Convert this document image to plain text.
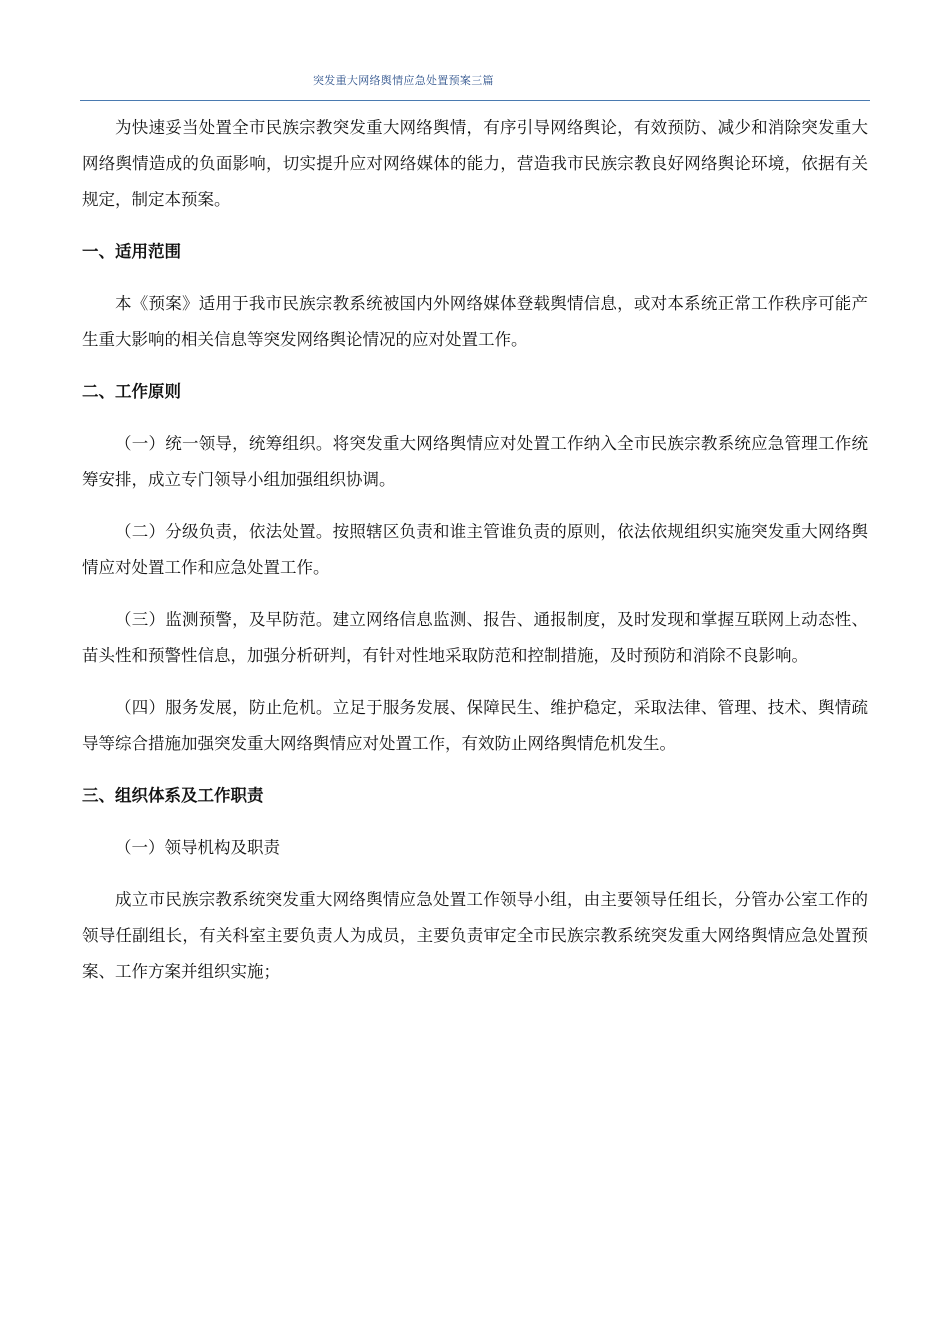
突发重大网络舆情应急处置预案三篇

为快速妥当处置全市民族宗教突发重大网络舆情，有序引导网络舆论，有效预防、减少和消除突发重大网络舆情造成的负面影响，切实提升应对网络媒体的能力，营造我市民族宗教良好网络舆论环境，依据有关规定，制定本预案。

一、适用范围

本《预案》适用于我市民族宗教系统被国内外网络媒体登载舆情信息，或对本系统正常工作秩序可能产生重大影响的相关信息等突发网络舆论情况的应对处置工作。

二、工作原则

（一）统一领导，统筹组织。将突发重大网络舆情应对处置工作纳入全市民族宗教系统应急管理工作统筹安排，成立专门领导小组加强组织协调。

（二）分级负责，依法处置。按照辖区负责和谁主管谁负责的原则，依法依规组织实施突发重大网络舆情应对处置工作和应急处置工作。

（三）监测预警，及早防范。建立网络信息监测、报告、通报制度，及时发现和掌握互联网上动态性、苗头性和预警性信息，加强分析研判，有针对性地采取防范和控制措施，及时预防和消除不良影响。

（四）服务发展，防止危机。立足于服务发展、保障民生、维护稳定，采取法律、管理、技术、舆情疏导等综合措施加强突发重大网络舆情应对处置工作，有效防止网络舆情危机发生。

三、组织体系及工作职责

（一）领导机构及职责

成立市民族宗教系统突发重大网络舆情应急处置工作领导小组，由主要领导任组长，分管办公室工作的领导任副组长，有关科室主要负责人为成员，主要负责审定全市民族宗教系统突发重大网络舆情应急处置预案、工作方案并组织实施；
